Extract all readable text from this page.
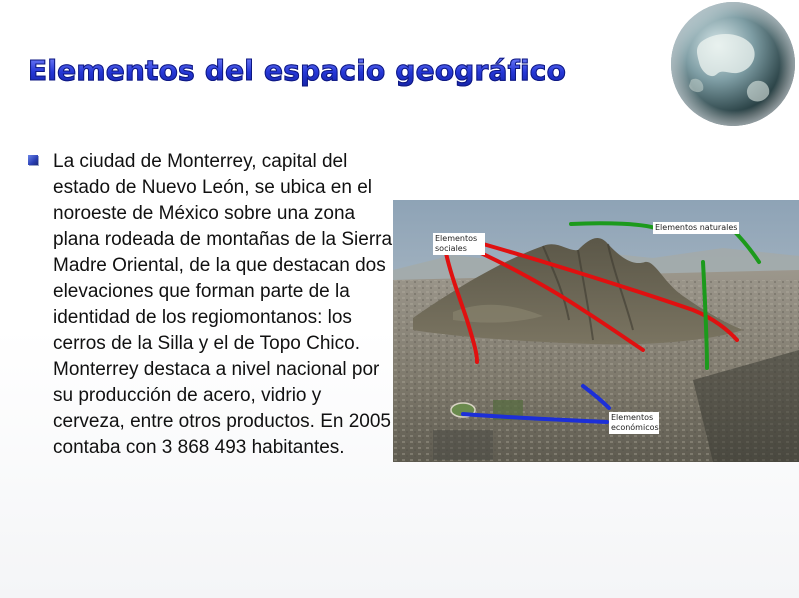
Elementos del espacio geográfico
La ciudad de Monterrey, capital del estado de Nuevo León, se ubica en el noroeste de México sobre una zona plana rodeada de montañas de la Sierra Madre Oriental, de la que destacan dos elevaciones que forman parte de la identidad de los regiomontanos: los cerros de la Silla y el de Topo Chico. Monterrey destaca a nivel nacional por su producción de acero, vidrio y cerveza, entre otros productos. En 2005 contaba con 3 868 493 habitantes.
Elementos sociales
Elementos naturales
Elementos económicos
